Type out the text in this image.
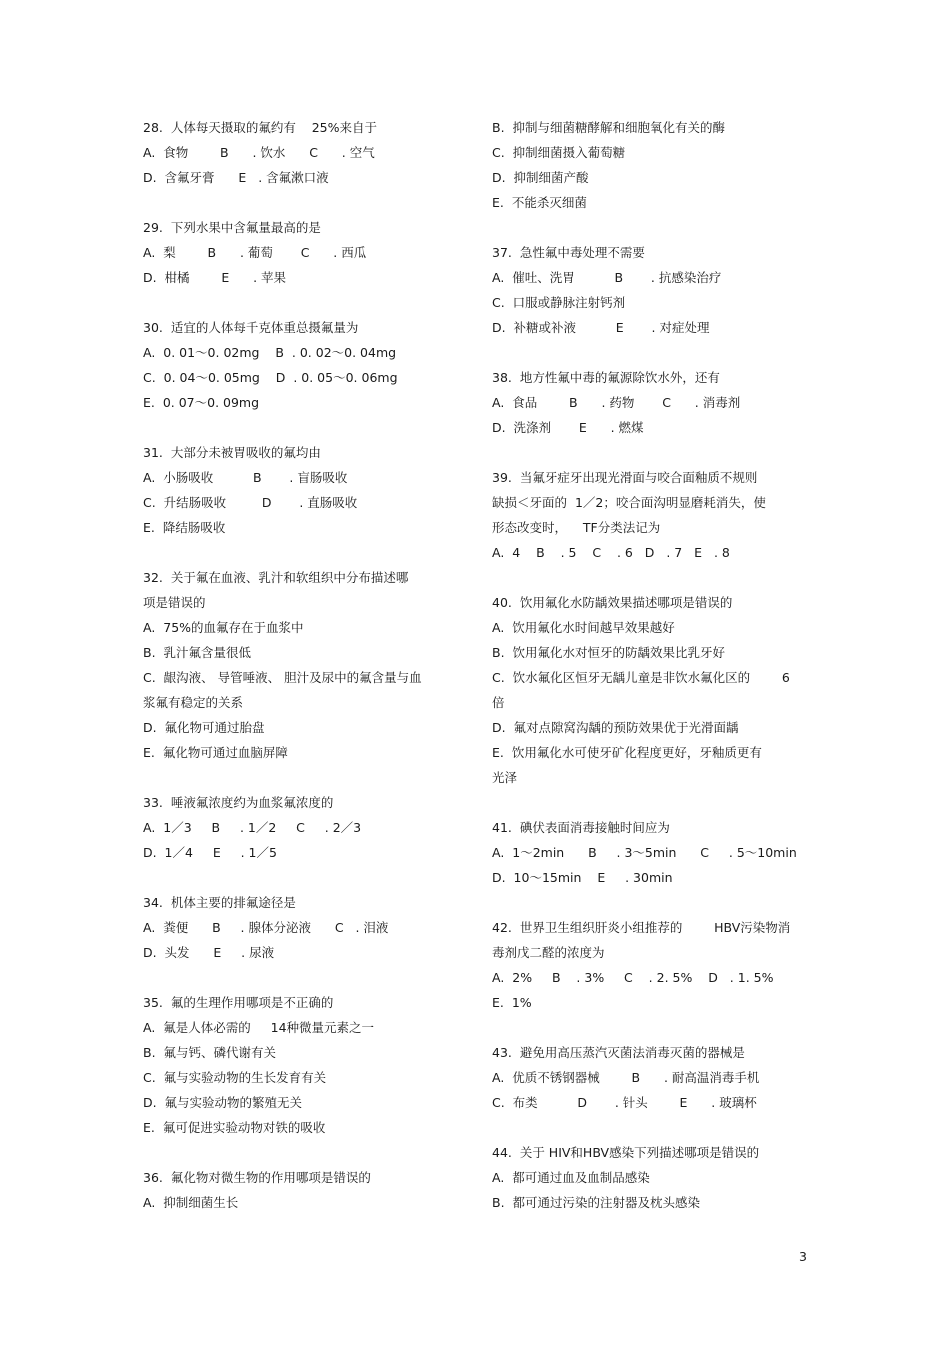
28.  人体每天摄取的氟约有    25%来自于
A.  食物        B      . 饮水      C      . 空气
D.  含氟牙膏      E   . 含氟漱口液
29.  下列水果中含氟量最高的是
A.  梨        B      . 葡萄       C      . 西瓜
D.  柑橘        E      . 苹果
30.  适宜的人体每千克体重总摄氟量为
A.  0. 01～0. 02mg    B  . 0. 02～0. 04mg
C.  0. 04～0. 05mg    D  . 0. 05～0. 06mg
E.  0. 07～0. 09mg
31.  大部分未被胃吸收的氟均由
A.  小肠吸收          B       . 盲肠吸收
C.  升结肠吸收         D       . 直肠吸收
E.  降结肠吸收
32.  关于氟在血液、乳汁和软组织中分布描述哪
项是错误的
A.  75%的血氟存在于血浆中
B.  乳汁氟含量很低
C.  龈沟液、 导管唾液、 胆汁及尿中的氟含量与血
浆氟有稳定的关系
D.  氟化物可通过胎盘
E.  氟化物可通过血脑屏障
33.  唾液氟浓度约为血浆氟浓度的
A.  1／3     B     . 1／2     C     . 2／3
D.  1／4     E     . 1／5
34.  机体主要的排氟途径是
A.  粪便      B     . 腺体分泌液      C   . 泪液
D.  头发      E     . 尿液
35.  氟的生理作用哪项是不正确的
A.  氟是人体必需的     14种微量元素之一
B.  氟与钙、磷代谢有关
C.  氟与实验动物的生长发育有关
D.  氟与实验动物的繁殖无关
E.  氟可促进实验动物对铁的吸收
36.  氟化物对微生物的作用哪项是错误的
A.  抑制细菌生长
B.  抑制与细菌糖酵解和细胞氧化有关的酶
C.  抑制细菌摄入葡萄糖
D.  抑制细菌产酸
E.  不能杀灭细菌
37.  急性氟中毒处理不需要
A.  催吐、洗胃          B       . 抗感染治疗
C.  口服或静脉注射钙剂
D.  补糖或补液          E       . 对症处理
38.  地方性氟中毒的氟源除饮水外，还有
A.  食品        B      . 药物       C      . 消毒剂
D.  洗涤剂       E      . 燃煤
39.  当氟牙症牙出现光滑面与咬合面釉质不规则
缺损＜牙面的  1／2；咬合面沟明显磨耗消失，使
形态改变时，    TF分类法记为
A.  4    B    . 5    C    . 6   D   . 7   E   . 8
40.  饮用氟化水防龋效果描述哪项是错误的
A.  饮用氟化水时间越早效果越好
B.  饮用氟化水对恒牙的防龋效果比乳牙好
C.  饮水氟化区恒牙无龋儿童是非饮水氟化区的        6
倍
D.  氟对点隙窝沟龋的预防效果优于光滑面龋
E.  饮用氟化水可使牙矿化程度更好，牙釉质更有
光泽
41.  碘伏表面消毒接触时间应为
A.  1～2min      B     . 3～5min      C     . 5～10min
D.  10～15min    E     . 30min
42.  世界卫生组织肝炎小组推荐的        HBV污染物消
毒剂戊二醛的浓度为
A.  2%     B    . 3%     C    . 2. 5%    D   . 1. 5%
E.  1%
43.  避免用高压蒸汽灭菌法消毒灭菌的器械是
A.  优质不锈钢器械        B      . 耐高温消毒手机
C.  布类          D       . 针头        E      . 玻璃杯
44.  关于 HIV和HBV感染下列描述哪项是错误的
A.  都可通过血及血制品感染
B.  都可通过污染的注射器及枕头感染
3
